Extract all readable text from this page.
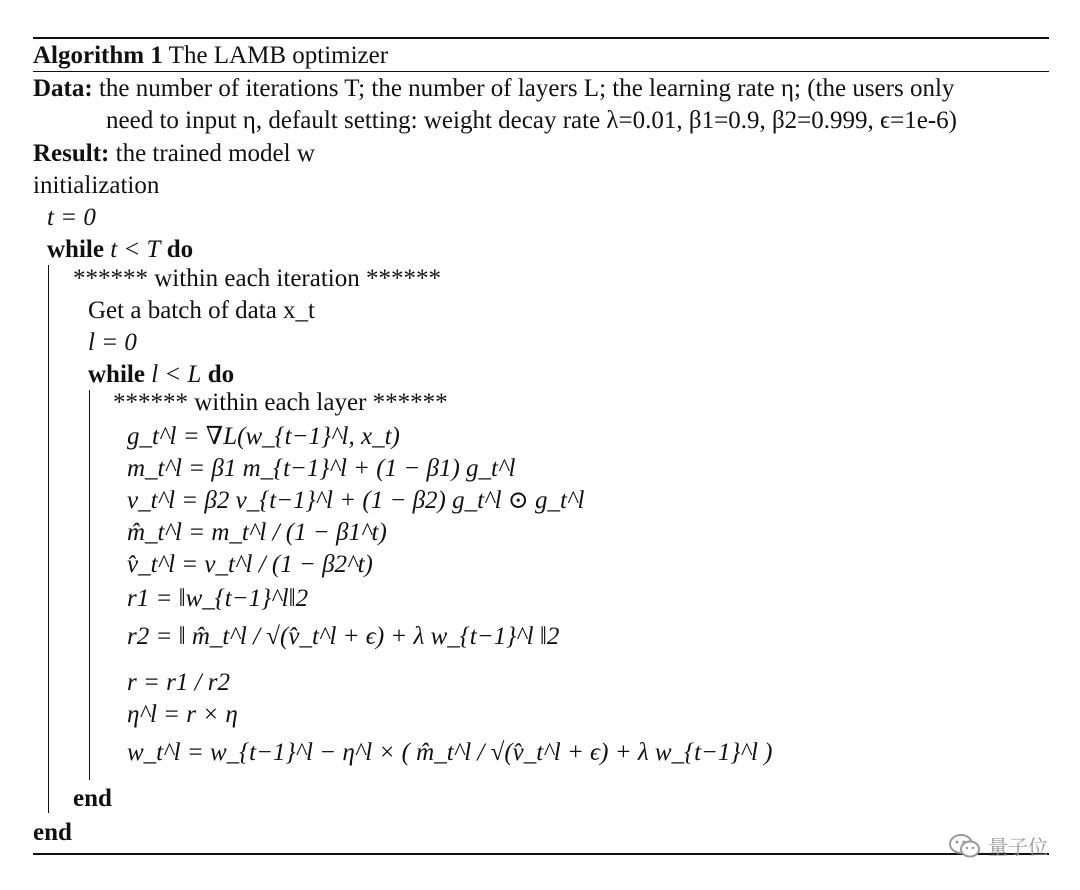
Algorithm 1 The LAMB optimizer
Data: the number of iterations T; the number of layers L; the learning rate η; (the users only
need to input η, default setting: weight decay rate λ=0.01, β1=0.9, β2=0.999, ϵ=1e-6)
Result: the trained model w
initialization
t = 0
while t < T do
****** within each iteration ******
Get a batch of data x_t
l = 0
while l < L do
****** within each layer ******
g_t^l = ∇L(w_{t−1}^l, x_t)
m_t^l = β1 m_{t−1}^l + (1 − β1) g_t^l
v_t^l = β2 v_{t−1}^l + (1 − β2) g_t^l ⊙ g_t^l
m̂_t^l = m_t^l / (1 − β1^t)
v̂_t^l = v_t^l / (1 − β2^t)
r1 = ‖w_{t−1}^l‖2
r2 = ‖ m̂_t^l / √(v̂_t^l + ϵ) + λ w_{t−1}^l ‖2
r = r1 / r2
η^l = r × η
w_t^l = w_{t−1}^l − η^l × ( m̂_t^l / √(v̂_t^l + ϵ) + λ w_{t−1}^l )
end
end
量子位
